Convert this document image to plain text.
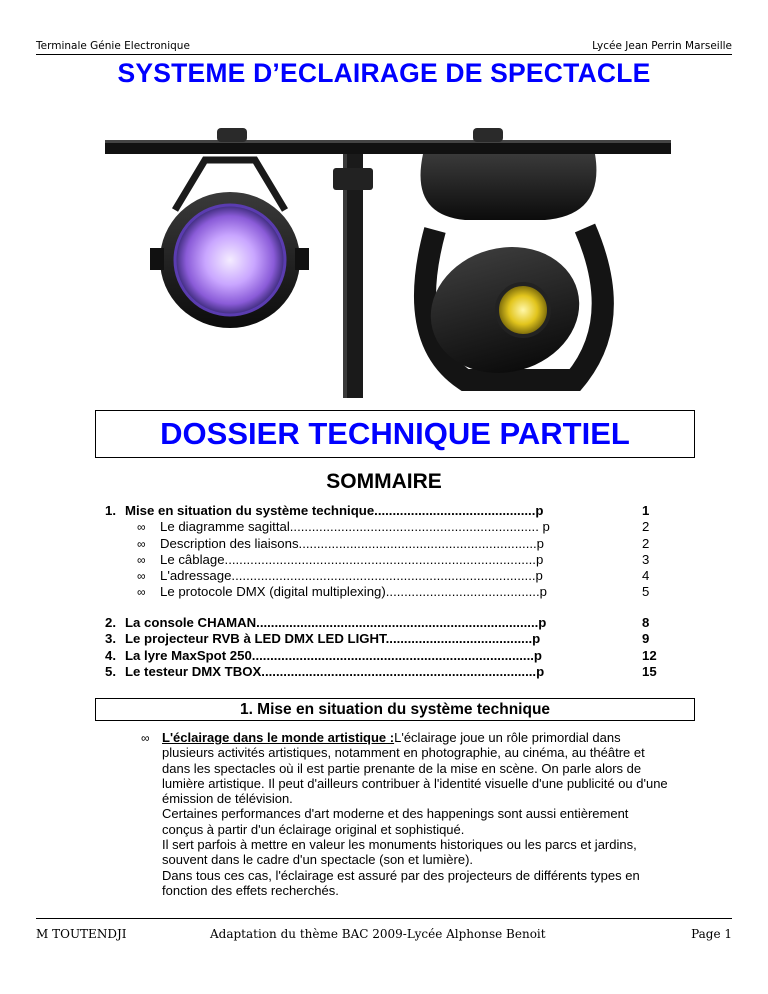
Terminale Génie Electronique	Lycée Jean Perrin Marseille
SYSTEME D’ECLAIRAGE DE SPECTACLE
DOSSIER TECHNIQUE PARTIEL
SOMMAIRE
1. Mise en situation du système technique............................................p	1
∞ Le diagramme sagittal.................................................................... p	2
∞ Description des liaisons.................................................................p	2
∞ Le câblage.....................................................................................p	3
∞ L'adressage...................................................................................p	4
∞ Le protocole DMX (digital multiplexing)..........................................p	5
2. La console CHAMAN.............................................................................p	8
3. Le projecteur RVB à LED DMX LED LIGHT........................................p	9
4. La lyre MaxSpot 250.............................................................................p	12
5. Le testeur DMX TBOX...........................................................................p	15
1. Mise en situation du système technique
∞ L'éclairage dans le monde artistique :L'éclairage joue un rôle primordial dans
plusieurs activités artistiques, notamment en photographie, au cinéma, au théâtre et
dans les spectacles où il est partie prenante de la mise en scène. On parle alors de
lumière artistique. Il peut d'ailleurs contribuer à l'identité visuelle d'une publicité ou d'une
émission de télévision.
Certaines performances d'art moderne et des happenings sont aussi entièrement
conçus à partir d'un éclairage original et sophistiqué.
Il sert parfois à mettre en valeur les monuments historiques ou les parcs et jardins,
souvent dans le cadre d'un spectacle (son et lumière).
Dans tous ces cas, l'éclairage est assuré par des projecteurs de différents types en
fonction des effets recherchés.
M TOUTENDJI	Adaptation du thème BAC 2009-Lycée Alphonse Benoit	Page 1
